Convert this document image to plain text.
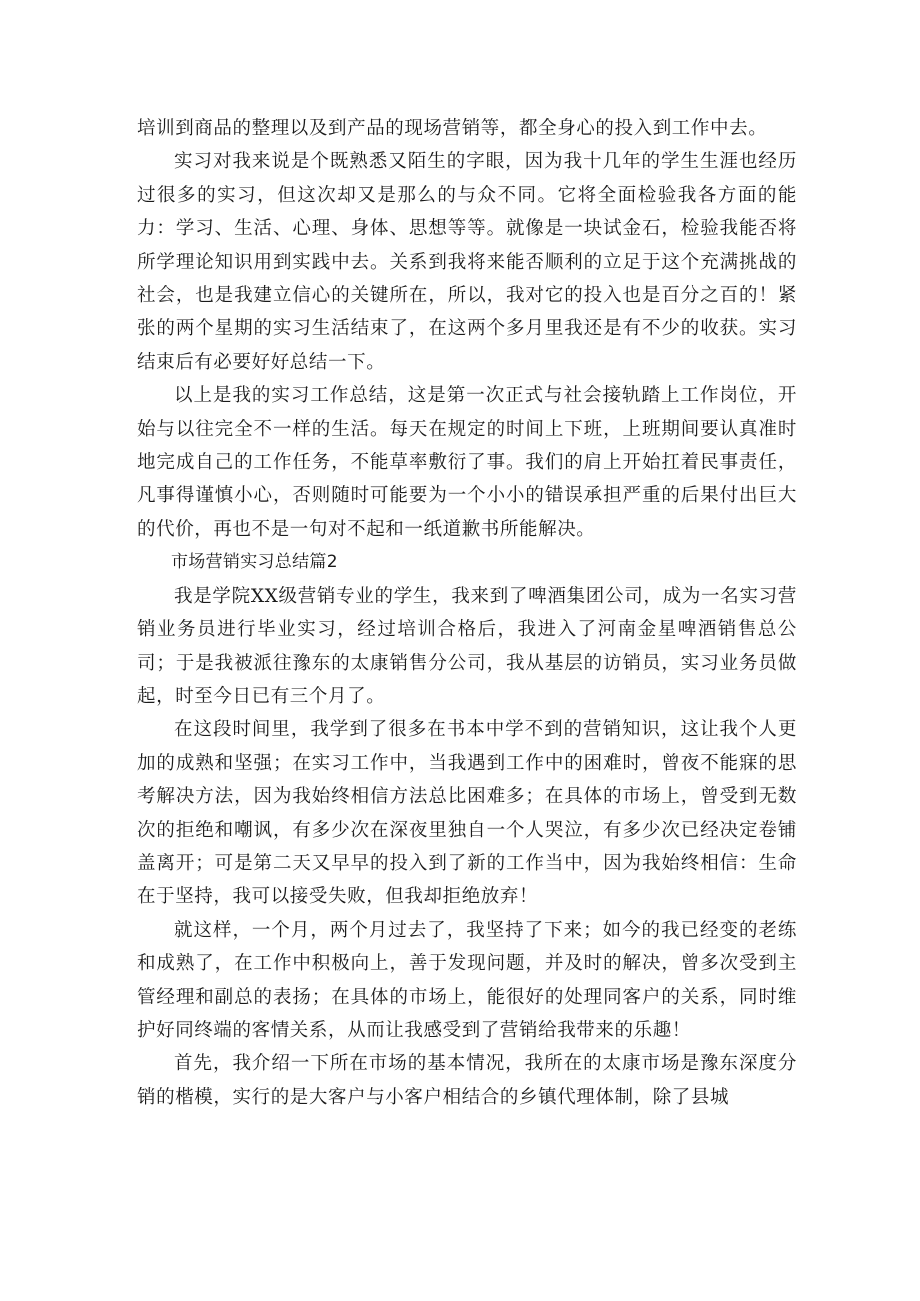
培训到商品的整理以及到产品的现场营销等，都全身心的投入到工作中去。

实习对我来说是个既熟悉又陌生的字眼，因为我十几年的学生生涯也经历过很多的实习，但这次却又是那么的与众不同。它将全面检验我各方面的能力：学习、生活、心理、身体、思想等等。就像是一块试金石，检验我能否将所学理论知识用到实践中去。关系到我将来能否顺利的立足于这个充满挑战的社会，也是我建立信心的关键所在，所以，我对它的投入也是百分之百的！紧张的两个星期的实习生活结束了，在这两个多月里我还是有不少的收获。实习结束后有必要好好总结一下。

以上是我的实习工作总结，这是第一次正式与社会接轨踏上工作岗位，开始与以往完全不一样的生活。每天在规定的时间上下班，上班期间要认真准时地完成自己的工作任务，不能草率敷衍了事。我们的肩上开始扛着民事责任，凡事得谨慎小心，否则随时可能要为一个小小的错误承担严重的后果付出巨大的代价，再也不是一句对不起和一纸道歉书所能解决。

市场营销实习总结篇2

我是学院XX级营销专业的学生，我来到了啤酒集团公司，成为一名实习营销业务员进行毕业实习，经过培训合格后，我进入了河南金星啤酒销售总公司；于是我被派往豫东的太康销售分公司，我从基层的访销员，实习业务员做起，时至今日已有三个月了。

在这段时间里，我学到了很多在书本中学不到的营销知识，这让我个人更加的成熟和坚强；在实习工作中，当我遇到工作中的困难时，曾夜不能寐的思考解决方法，因为我始终相信方法总比困难多；在具体的市场上，曾受到无数次的拒绝和嘲讽，有多少次在深夜里独自一个人哭泣，有多少次已经决定卷铺盖离开；可是第二天又早早的投入到了新的工作当中，因为我始终相信：生命在于坚持，我可以接受失败，但我却拒绝放弃！

就这样，一个月，两个月过去了，我坚持了下来；如今的我已经变的老练和成熟了，在工作中积极向上，善于发现问题，并及时的解决，曾多次受到主管经理和副总的表扬；在具体的市场上，能很好的处理同客户的关系，同时维护好同终端的客情关系，从而让我感受到了营销给我带来的乐趣！

首先，我介绍一下所在市场的基本情况，我所在的太康市场是豫东深度分销的楷模，实行的是大客户与小客户相结合的乡镇代理体制，除了县城
